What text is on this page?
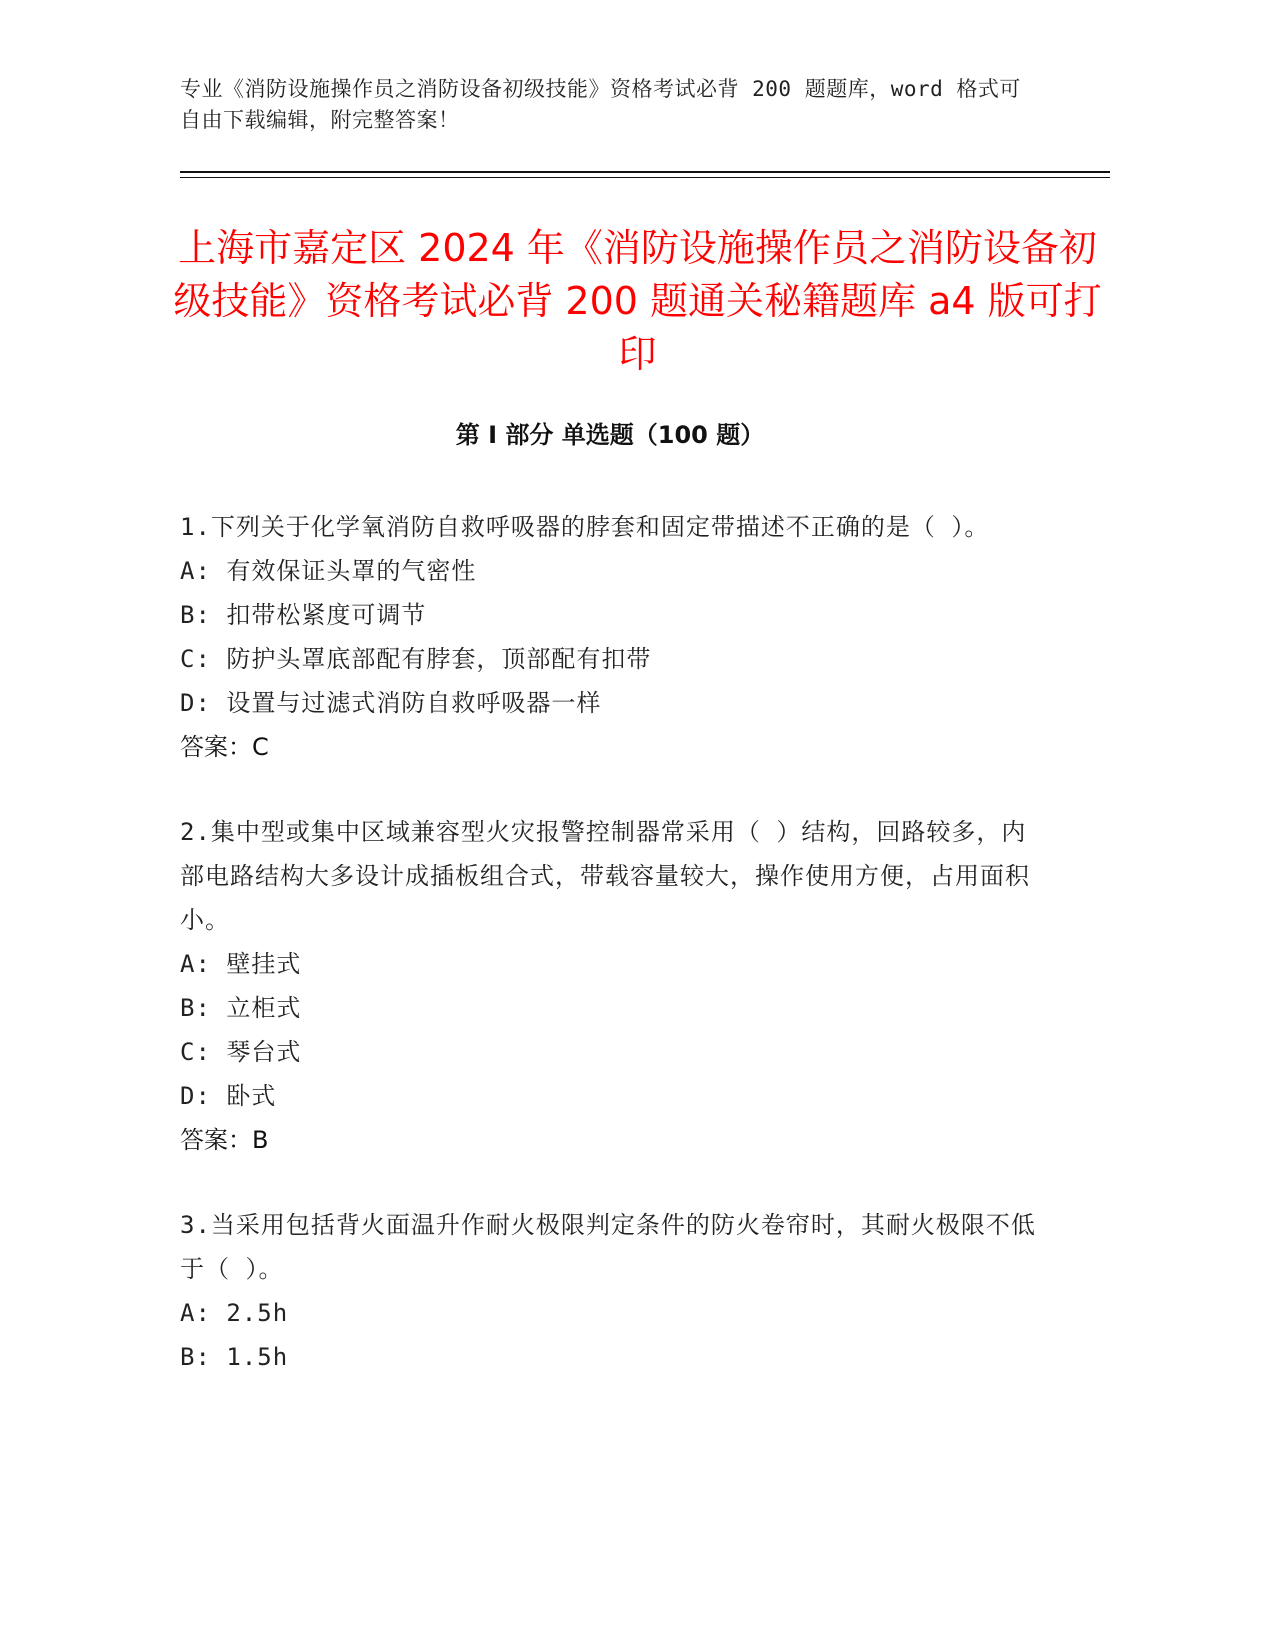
专业《消防设施操作员之消防设备初级技能》资格考试必背 200 题题库，word 格式可自由下载编辑，附完整答案！
上海市嘉定区 2024 年《消防设施操作员之消防设备初级技能》资格考试必背 200 题通关秘籍题库 a4 版可打印
第 I 部分 单选题（100 题）

1.下列关于化学氧消防自救呼吸器的脖套和固定带描述不正确的是（ ）。

A: 有效保证头罩的气密性

B: 扣带松紧度可调节

C: 防护头罩底部配有脖套，顶部配有扣带

D: 设置与过滤式消防自救呼吸器一样

答案：C

2.集中型或集中区域兼容型火灾报警控制器常采用（ ）结构，回路较多，内部电路结构大多设计成插板组合式，带载容量较大，操作使用方便，占用面积小。

A: 壁挂式

B: 立柜式

C: 琴台式

D: 卧式

答案：B

3.当采用包括背火面温升作耐火极限判定条件的防火卷帘时，其耐火极限不低于（ ）。

A: 2.5h

B: 1.5h
